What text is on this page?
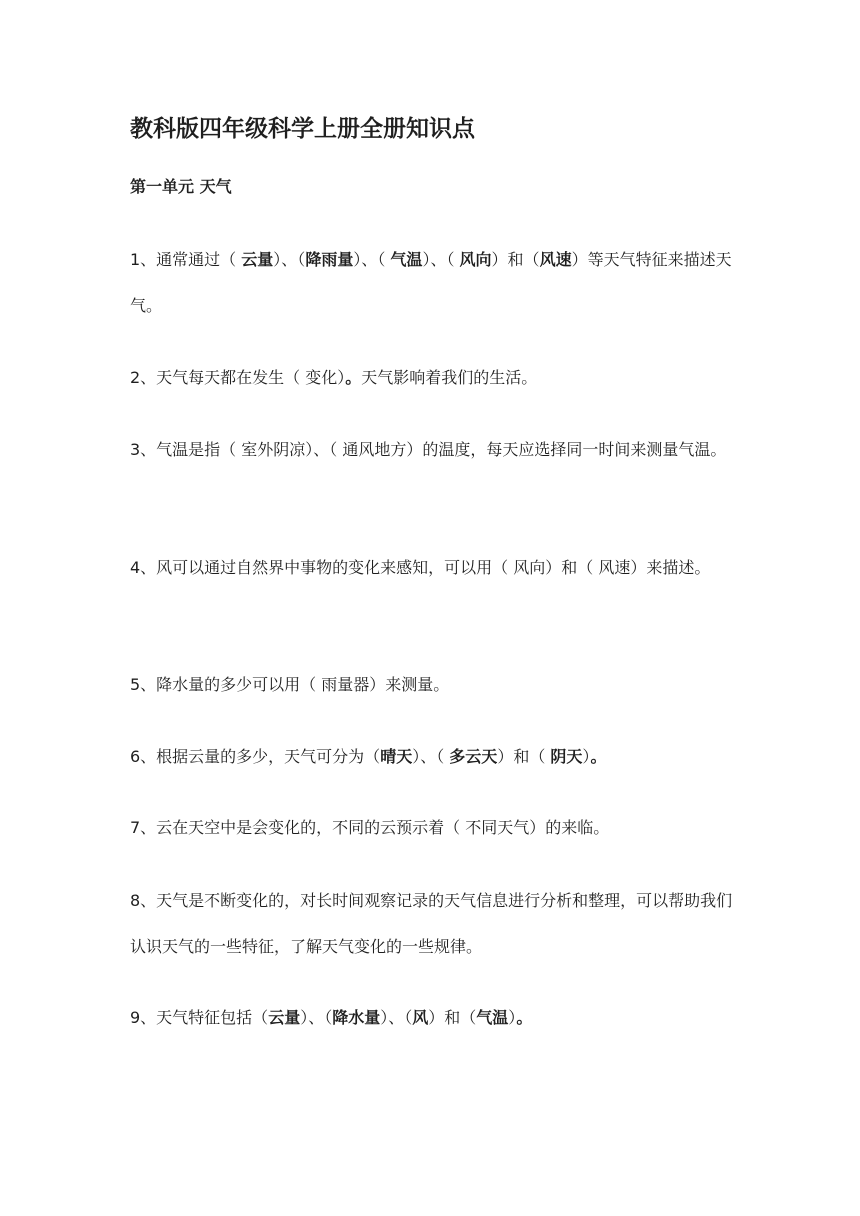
教科版四年级科学上册全册知识点
第一单元 天气

1、通常通过（ 云量）、（降雨量）、（ 气温）、（ 风向）和（风速）等天气特征来描述天气。

2、天气每天都在发生（ 变化）。天气影响着我们的生活。

3、气温是指（ 室外阴凉）、（ 通风地方）的温度，每天应选择同一时间来测量气温。

4、风可以通过自然界中事物的变化来感知，可以用（ 风向）和（ 风速）来描述。

5、降水量的多少可以用（ 雨量器）来测量。

6、根据云量的多少，天气可分为（晴天）、（ 多云天）和（ 阴天）。

7、云在天空中是会变化的，不同的云预示着（ 不同天气）的来临。

8、天气是不断变化的，对长时间观察记录的天气信息进行分析和整理，可以帮助我们认识天气的一些特征，了解天气变化的一些规律。

9、天气特征包括（云量）、（降水量）、（风）和（气温）。
